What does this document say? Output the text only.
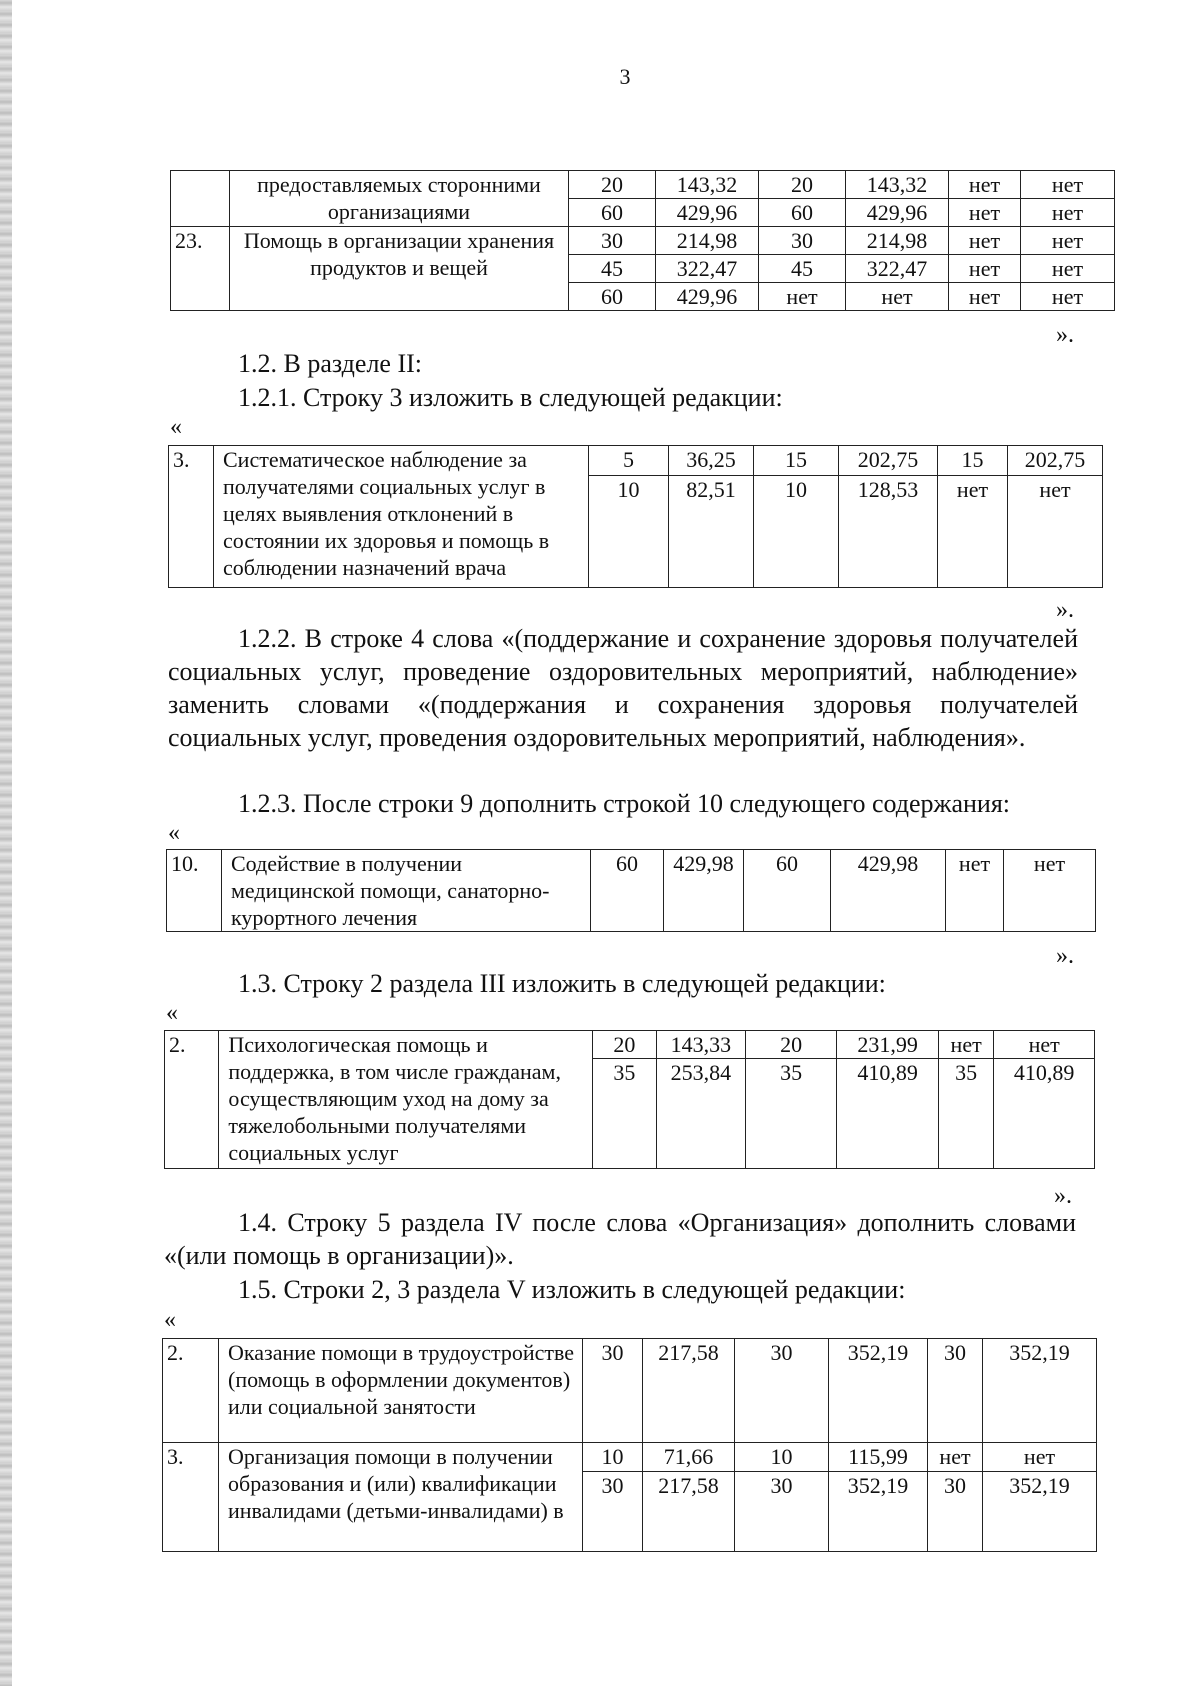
3
	предоставляемых сторонними организациями	20	143,32	20	143,32	нет	нет
		60	429,96	60	429,96	нет	нет
23.	Помощь в организации хранения продуктов и вещей	30	214,98	30	214,98	нет	нет
		45	322,47	45	322,47	нет	нет
		60	429,96	нет	нет	нет	нет
».
1.2. В разделе II:
1.2.1. Строку 3 изложить в следующей редакции:
«
3.	Систематическое наблюдение за получателями социальных услуг в целях выявления отклонений в состоянии их здоровья и помощь в соблюдении назначений врача	5	36,25	15	202,75	15	202,75
		10	82,51	10	128,53	нет	нет
».
1.2.2. В строке 4 слова «(поддержание и сохранение здоровья получателей социальных услуг, проведение оздоровительных мероприятий, наблюдение» заменить словами «(поддержания и сохранения здоровья получателей социальных услуг, проведения оздоровительных мероприятий, наблюдения».
1.2.3. После строки 9 дополнить строкой 10 следующего содержания:
«
10.	Содействие в получении медицинской помощи, санаторно-курортного лечения	60	429,98	60	429,98	нет	нет
».
1.3. Строку 2 раздела III изложить в следующей редакции:
«
2.	Психологическая помощь и поддержка, в том числе гражданам, осуществляющим уход на дому за тяжелобольными получателями социальных услуг	20	143,33	20	231,99	нет	нет
		35	253,84	35	410,89	35	410,89
».
1.4. Строку 5 раздела IV после слова «Организация» дополнить словами «(или помощь в организации)».
1.5. Строки 2, 3 раздела V изложить в следующей редакции:
«
2.	Оказание помощи в трудоустройстве (помощь в оформлении документов) или социальной занятости	30	217,58	30	352,19	30	352,19
3.	Организация помощи в получении образования и (или) квалификации инвалидами (детьми-инвалидами) в	10	71,66	10	115,99	нет	нет
		30	217,58	30	352,19	30	352,19
